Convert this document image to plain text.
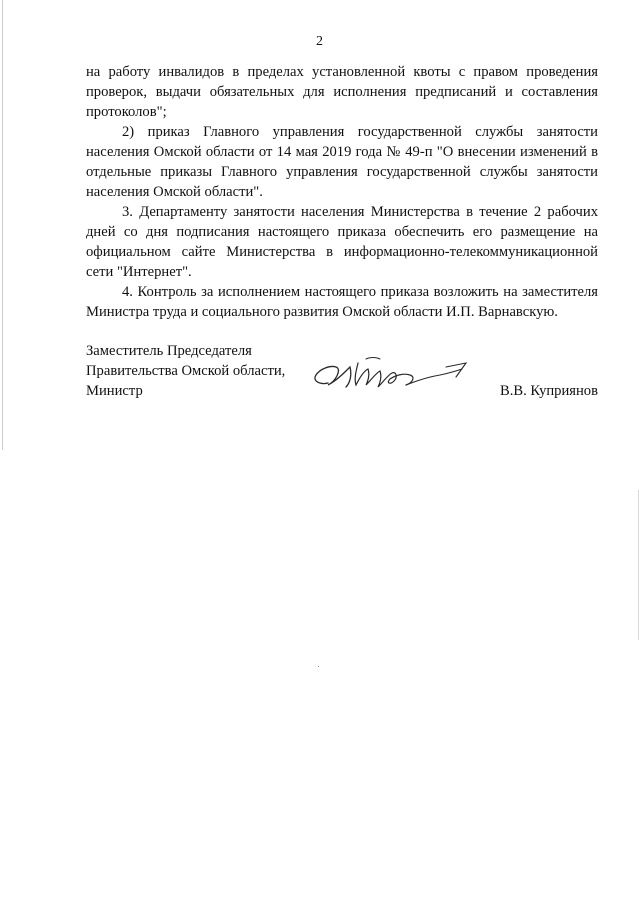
2

на работу инвалидов в пределах установленной квоты с правом проведения проверок, выдачи обязательных для исполнения предписаний и составления протоколов";

2) приказ Главного управления государственной службы занятости населения Омской области от 14 мая 2019 года № 49-п "О внесении изменений в отдельные приказы Главного управления государственной службы занятости населения Омской области".

3. Департаменту занятости населения Министерства в течение 2 рабочих дней со дня подписания настоящего приказа обеспечить его размещение на официальном сайте Министерства в информационно-телекоммуникационной сети "Интернет".

4. Контроль за исполнением настоящего приказа возложить на заместителя Министра труда и социального развития Омской области И.П. Варнавскую.

Заместитель Председателя
Правительства Омской области,
Министр	В.В. Куприянов
